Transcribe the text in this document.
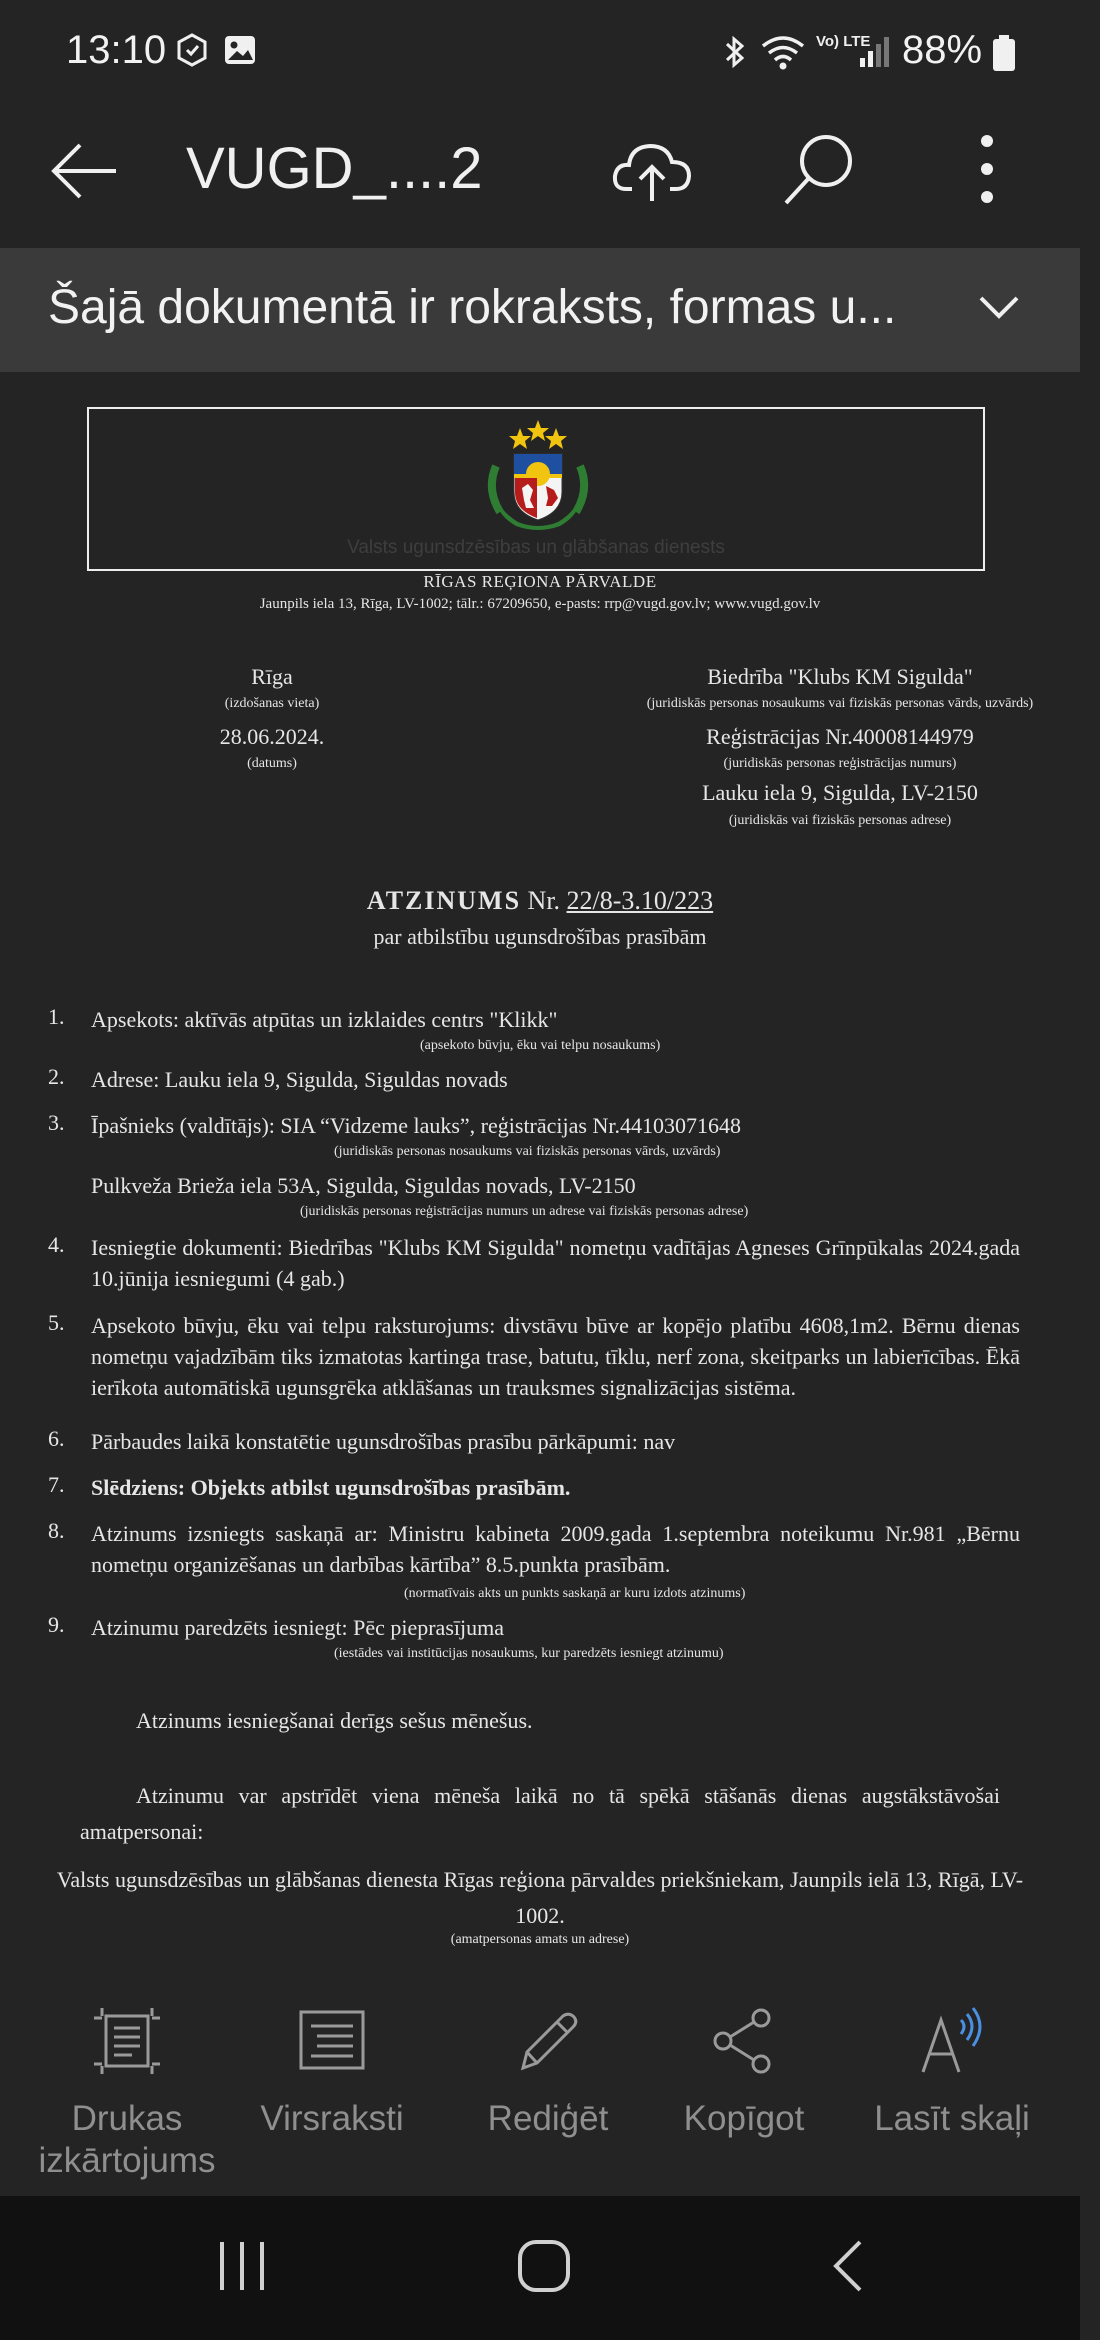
13:10	Vo) LTE 88%
VUGD_....2
Šajā dokumentā ir rokraksts, formas u...
Valsts ugunsdzēsības un glābšanas dienests
RĪGAS REĢIONA PĀRVALDE
Jaunpils iela 13, Rīga, LV-1002; tālr.: 67209650, e-pasts: rrp@vugd.gov.lv; www.vugd.gov.lv
Rīga
(izdošanas vieta)
28.06.2024.
(datums)
Biedrība "Klubs KM Sigulda"
(juridiskās personas nosaukums vai fiziskās personas vārds, uzvārds)
Reģistrācijas Nr.40008144979
(juridiskās personas reģistrācijas numurs)
Lauku iela 9, Sigulda, LV-2150
(juridiskās vai fiziskās personas adrese)
ATZINUMS Nr. 22/8-3.10/223
par atbilstību ugunsdrošības prasībām
1. Apsekots: aktīvās atpūtas un izklaides centrs "Klikk"
(apsekoto būvju, ēku vai telpu nosaukums)
2. Adrese: Lauku iela 9, Sigulda, Siguldas novads
3. Īpašnieks (valdītājs): SIA “Vidzeme lauks”, reģistrācijas Nr.44103071648
(juridiskās personas nosaukums vai fiziskās personas vārds, uzvārds)
Pulkveža Brieža iela 53A, Sigulda, Siguldas novads, LV-2150
(juridiskās personas reģistrācijas numurs un adrese vai fiziskās personas adrese)
4. Iesniegtie dokumenti: Biedrības "Klubs KM Sigulda" nometņu vadītājas Agneses Grīnpūkalas 2024.gada 10.jūnija iesniegumi (4 gab.)
5. Apsekoto būvju, ēku vai telpu raksturojums: divstāvu būve ar kopējo platību 4608,1m2. Bērnu dienas nometņu vajadzībām tiks izmatotas kartinga trase, batutu, tīklu, nerf zona, skeitparks un labierīcības. Ēkā ierīkota automātiskā ugunsgrēka atklāšanas un trauksmes signalizācijas sistēma.
6. Pārbaudes laikā konstatētie ugunsdrošības prasību pārkāpumi: nav
7. Slēdziens: Objekts atbilst ugunsdrošības prasībām.
8. Atzinums izsniegts saskaņā ar: Ministru kabineta 2009.gada 1.septembra noteikumu Nr.981 „Bērnu nometņu organizēšanas un darbības kārtība” 8.5.punkta prasībām.
(normatīvais akts un punkts saskaņā ar kuru izdots atzinums)
9. Atzinumu paredzēts iesniegt: Pēc pieprasījuma
(iestādes vai institūcijas nosaukums, kur paredzēts iesniegt atzinumu)
Atzinums iesniegšanai derīgs sešus mēnešus.
Atzinumu var apstrīdēt viena mēneša laikā no tā spēkā stāšanās dienas augstākstāvošai amatpersonai:
Valsts ugunsdzēsības un glābšanas dienesta Rīgas reģiona pārvaldes priekšniekam, Jaunpils ielā 13, Rīgā, LV-1002.
(amatpersonas amats un adrese)
Drukas izkārtojums
Virsraksti	Rediģēt	Kopīgot	Lasīt skaļi
